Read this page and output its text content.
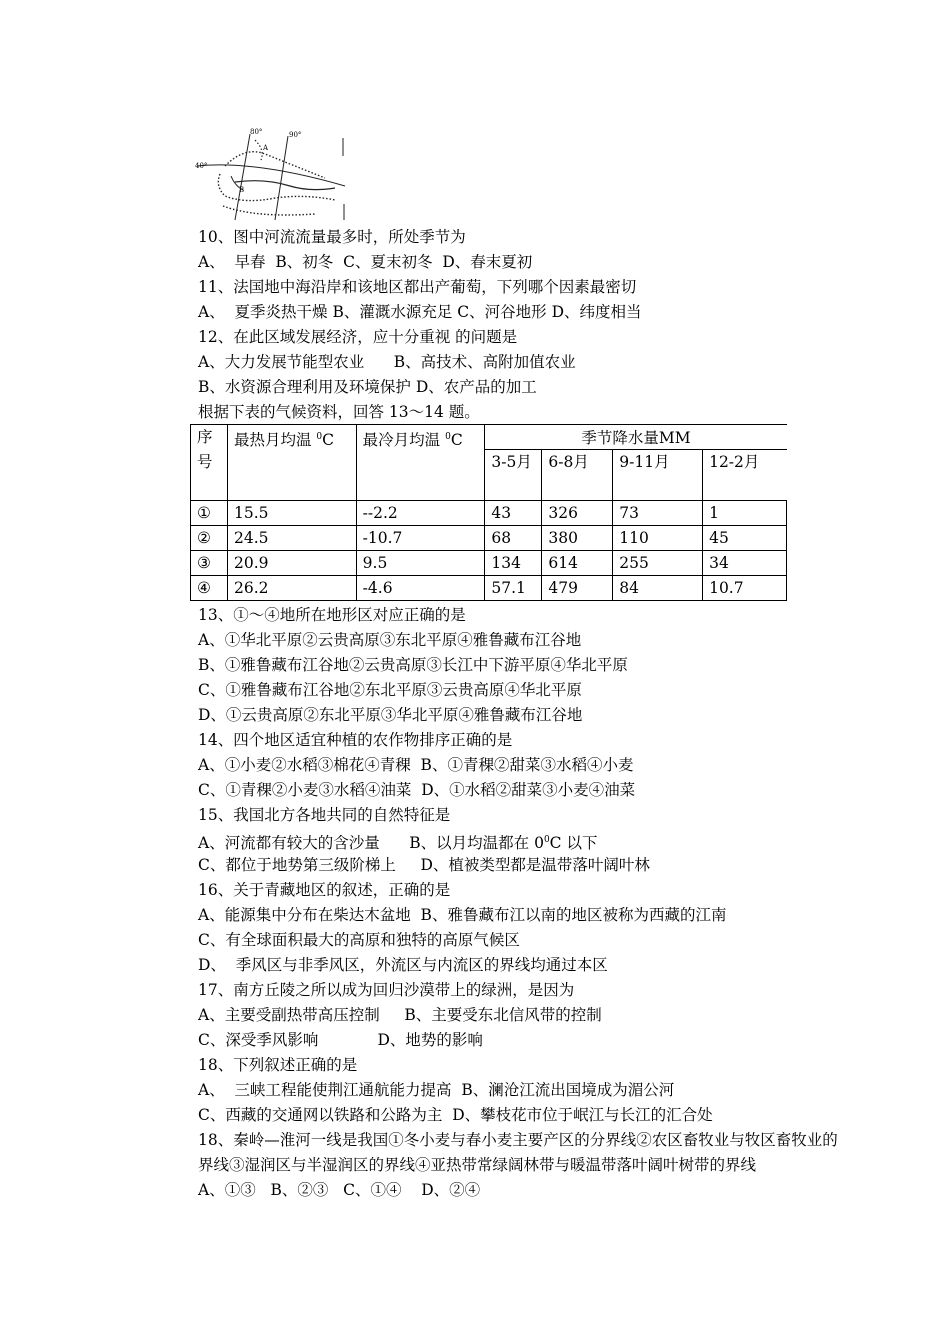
80°	90°
40°
A
B
10、图中河流流量最多时，所处季节为
A、  早春  B、初冬  C、夏末初冬  D、春末夏初
11、法国地中海沿岸和该地区都出产葡萄，下列哪个因素最密切
A、  夏季炎热干燥 B、灌溉水源充足 C、河谷地形 D、纬度相当
12、在此区域发展经济，应十分重视 的问题是
A、大力发展节能型农业      B、高技术、高附加值农业
B、水资源合理利用及环境保护 D、农产品的加工
根据下表的气候资料，回答 13～14 题。
序号	最热月均温 $^0$C	最冷月均温 $^0$C	季节降水量MM			
			3-5月	6-8月	9-11月	12-2月
①	15.5	--2.2	43	326	73	1
②	24.5	-10.7	68	380	110	45
③	20.9	9.5	134	614	255	34
④	26.2	-4.6	57.1	479	84	10.7
13、①～④地所在地形区对应正确的是
A、①华北平原②云贵高原③东北平原④雅鲁藏布江谷地
B、①雅鲁藏布江谷地②云贵高原③长江中下游平原④华北平原
C、①雅鲁藏布江谷地②东北平原③云贵高原④华北平原
D、①云贵高原②东北平原③华北平原④雅鲁藏布江谷地
14、四个地区适宜种植的农作物排序正确的是
A、①小麦②水稻③棉花④青稞  B、①青稞②甜菜③水稻④小麦
C、①青稞②小麦③水稻④油菜  D、①水稻②甜菜③小麦④油菜
15、我国北方各地共同的自然特征是
A、河流都有较大的含沙量      B、以月均温都在 $0^0C$ 以下
C、都位于地势第三级阶梯上     D、植被类型都是温带落叶阔叶林
16、关于青藏地区的叙述，正确的是
A、能源集中分布在柴达木盆地  B、雅鲁藏布江以南的地区被称为西藏的江南
C、有全球面积最大的高原和独特的高原气候区
D、  季风区与非季风区，外流区与内流区的界线均通过本区
17、南方丘陵之所以成为回归沙漠带上的绿洲，是因为
A、主要受副热带高压控制     B、主要受东北信风带的控制
C、深受季风影响            D、地势的影响
18、下列叙述正确的是
A、  三峡工程能使荆江通航能力提高  B、澜沧江流出国境成为湄公河
C、西藏的交通网以铁路和公路为主  D、攀枝花市位于岷江与长江的汇合处
18、秦岭—淮河一线是我国①冬小麦与春小麦主要产区的分界线②农区畜牧业与牧区畜牧业的
界线③湿润区与半湿润区的界线④亚热带常绿阔林带与暖温带落叶阔叶树带的界线
A、①③   B、②③   C、①④    D、②④
